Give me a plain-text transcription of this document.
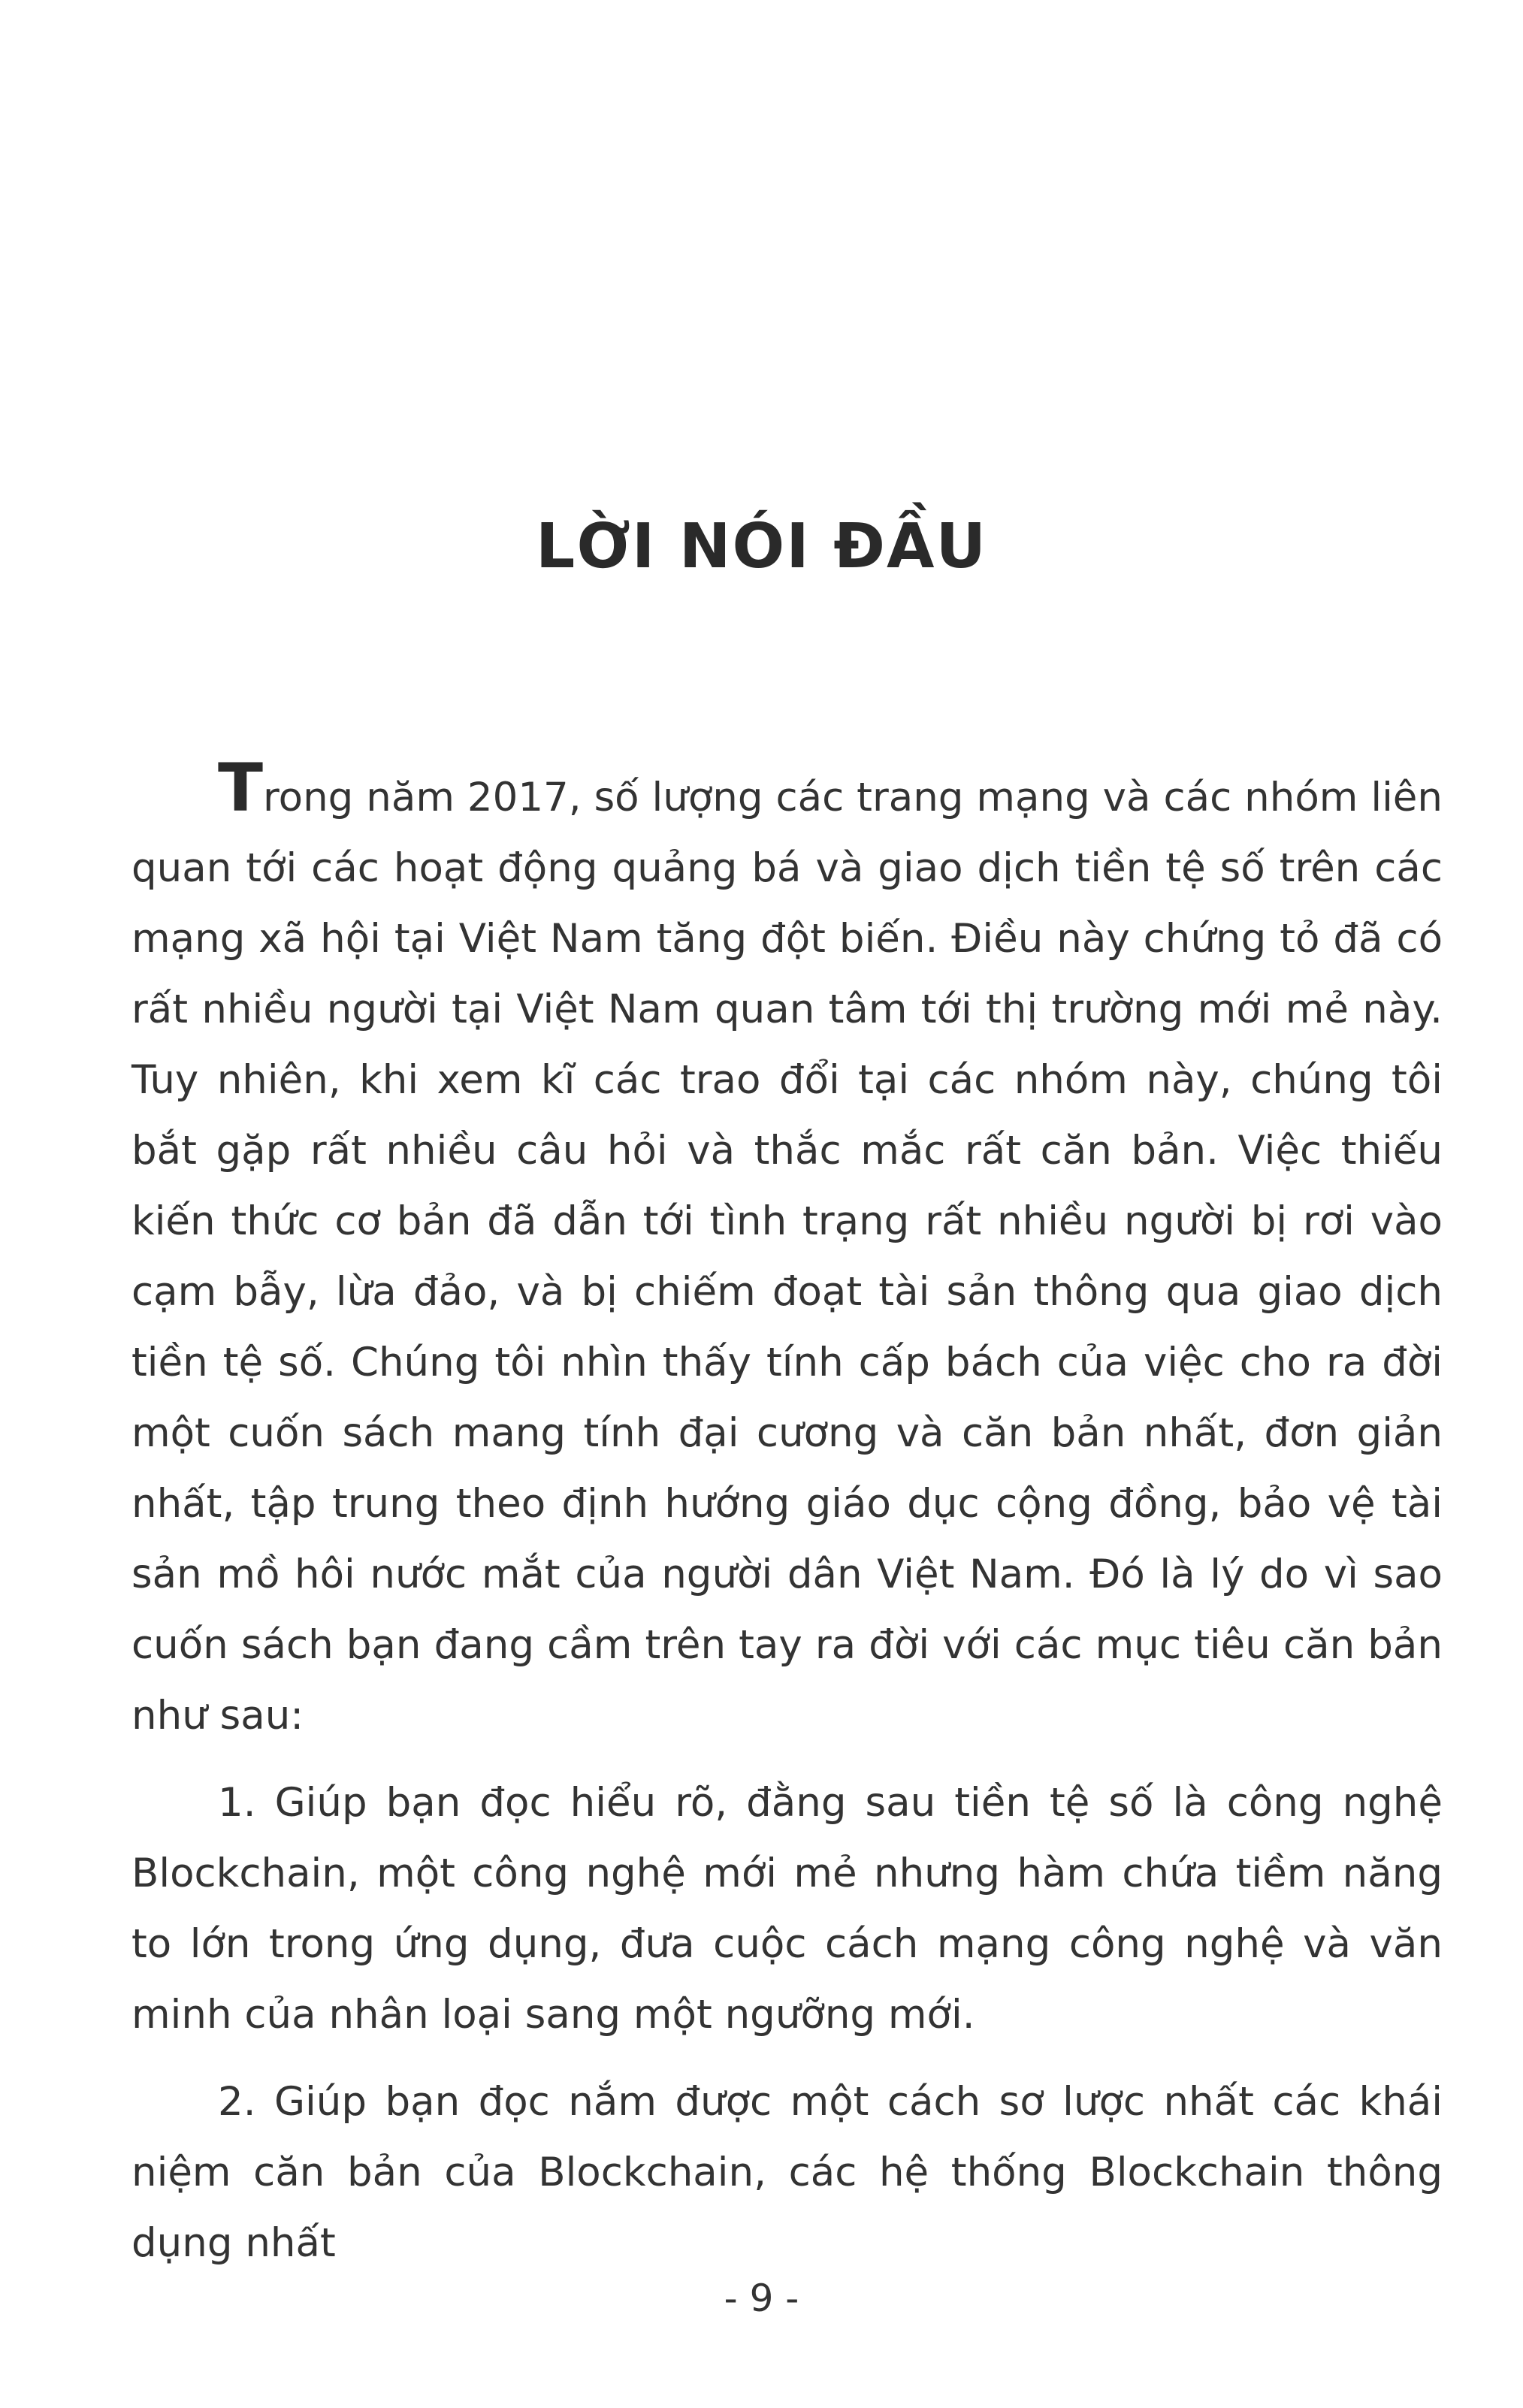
LỜI NÓI ĐẦU

Trong năm 2017, số lượng các trang mạng và các nhóm liên quan tới các hoạt động quảng bá và giao dịch tiền tệ số trên các mạng xã hội tại Việt Nam tăng đột biến. Điều này chứng tỏ đã có rất nhiều người tại Việt Nam quan tâm tới thị trường mới mẻ này. Tuy nhiên, khi xem kĩ các trao đổi tại các nhóm này, chúng tôi bắt gặp rất nhiều câu hỏi và thắc mắc rất căn bản. Việc thiếu kiến thức cơ bản đã dẫn tới tình trạng rất nhiều người bị rơi vào cạm bẫy, lừa đảo, và bị chiếm đoạt tài sản thông qua giao dịch tiền tệ số. Chúng tôi nhìn thấy tính cấp bách của việc cho ra đời một cuốn sách mang tính đại cương và căn bản nhất, đơn giản nhất, tập trung theo định hướng giáo dục cộng đồng, bảo vệ tài sản mồ hôi nước mắt của người dân Việt Nam. Đó là lý do vì sao cuốn sách bạn đang cầm trên tay ra đời với các mục tiêu căn bản như sau:

1. Giúp bạn đọc hiểu rõ, đằng sau tiền tệ số là công nghệ Blockchain, một công nghệ mới mẻ nhưng hàm chứa tiềm năng to lớn trong ứng dụng, đưa cuộc cách mạng công nghệ và văn minh của nhân loại sang một ngưỡng mới.

2. Giúp bạn đọc nắm được một cách sơ lược nhất các khái niệm căn bản của Blockchain, các hệ thống Blockchain thông dụng nhất

- 9 -
